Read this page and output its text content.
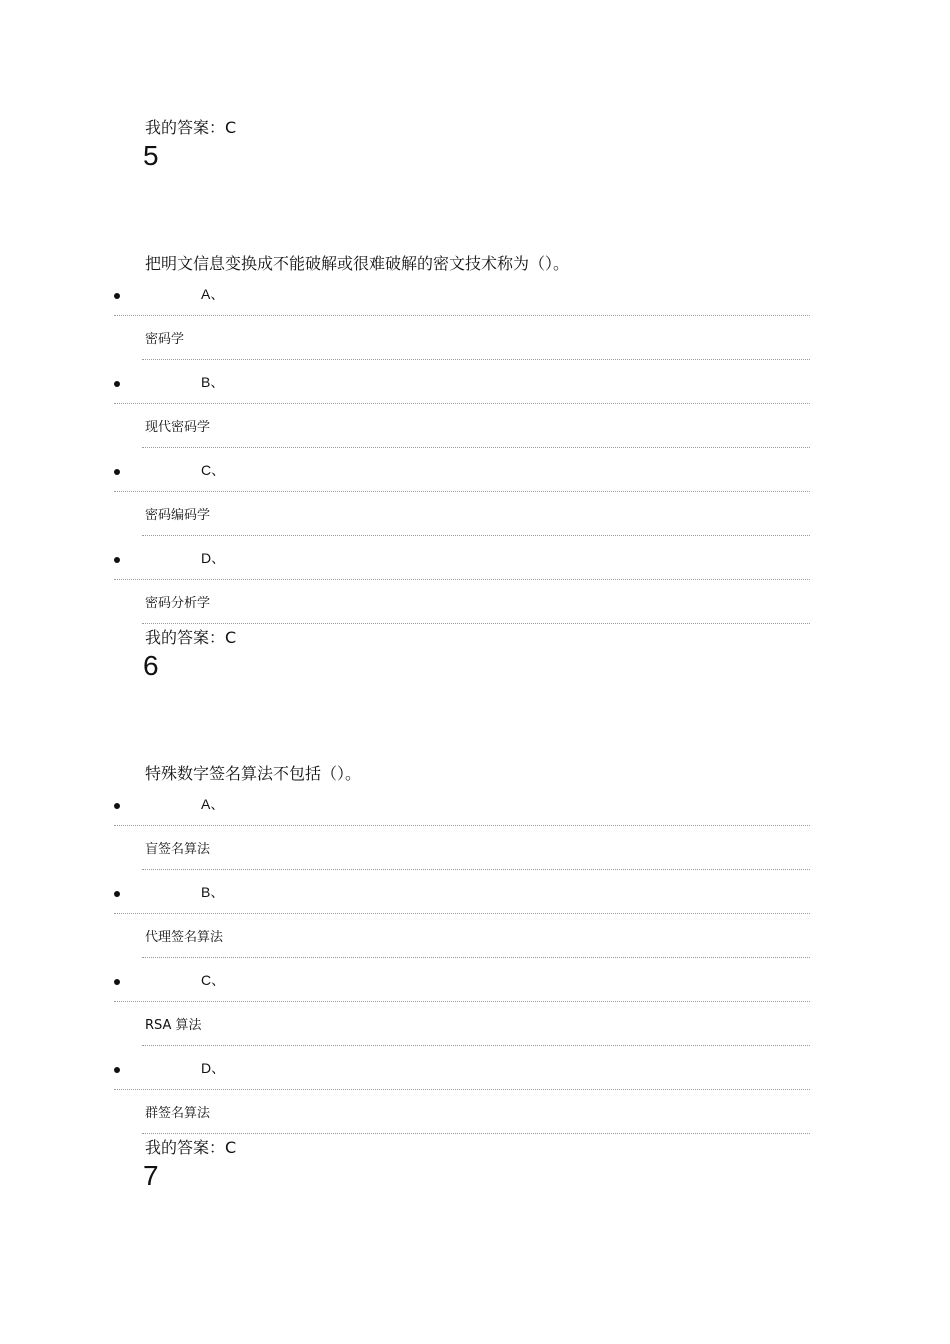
我的答案：C
5
把明文信息变换成不能破解或很难破解的密文技术称为（）。
A、
密码学
B、
现代密码学
C、
密码编码学
D、
密码分析学
我的答案：C
6
特殊数字签名算法不包括（）。
A、
盲签名算法
B、
代理签名算法
C、
RSA 算法
D、
群签名算法
我的答案：C
7
